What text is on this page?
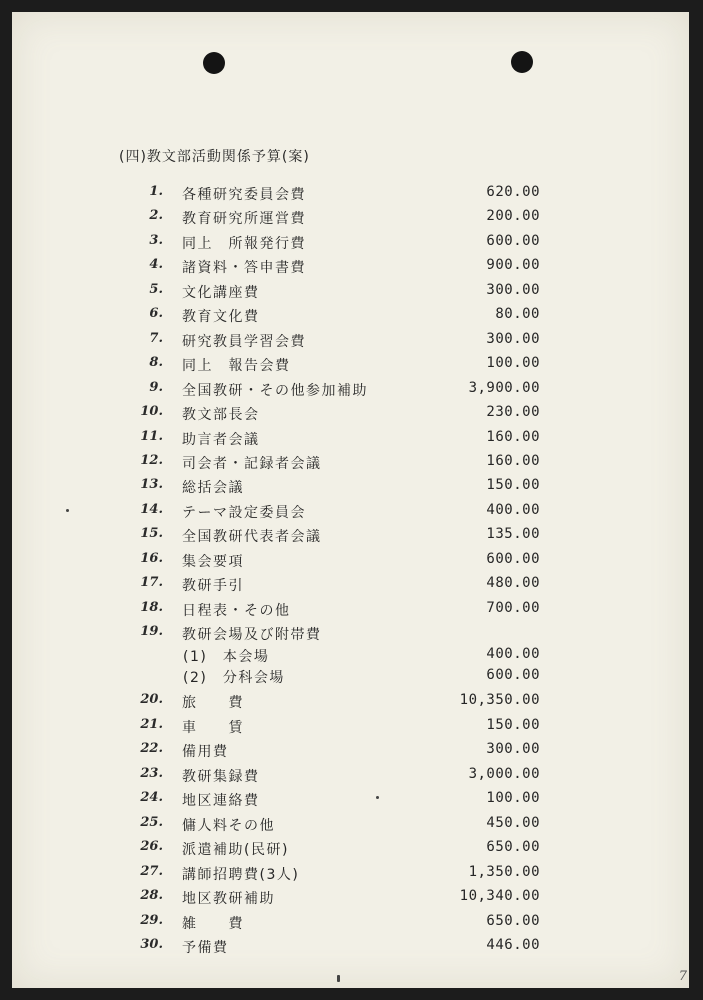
(四)教文部活動関係予算(案)
1. 各種研究委員会費	620.00
2. 教育研究所運営費	200.00
3. 同上　所報発行費	600.00
4. 諸資料・答申書費	900.00
5. 文化講座費	300.00
6. 教育文化費	80.00
7. 研究教員学習会費	300.00
8. 同上　報告会費	100.00
9. 全国教研・その他参加補助	3,900.00
10. 教文部長会	230.00
11. 助言者会議	160.00
12. 司会者・記録者会議	160.00
13. 総括会議	150.00
14. テーマ設定委員会	400.00
15. 全国教研代表者会議	135.00
16. 集会要項	600.00
17. 教研手引	480.00
18. 日程表・その他	700.00
19. 教研会場及び附帯費
(1)　本会場	400.00
(2)　分科会場	600.00
20. 旅　　費	10,350.00
21. 車　　賃	150.00
22. 備用費	300.00
23. 教研集録費	3,000.00
24. 地区連絡費	100.00
25. 傭人料その他	450.00
26. 派遣補助(民研)	650.00
27. 講師招聘費(3人)	1,350.00
28. 地区教研補助	10,340.00
29. 雑　　費	650.00
30. 予備費	446.00
7
